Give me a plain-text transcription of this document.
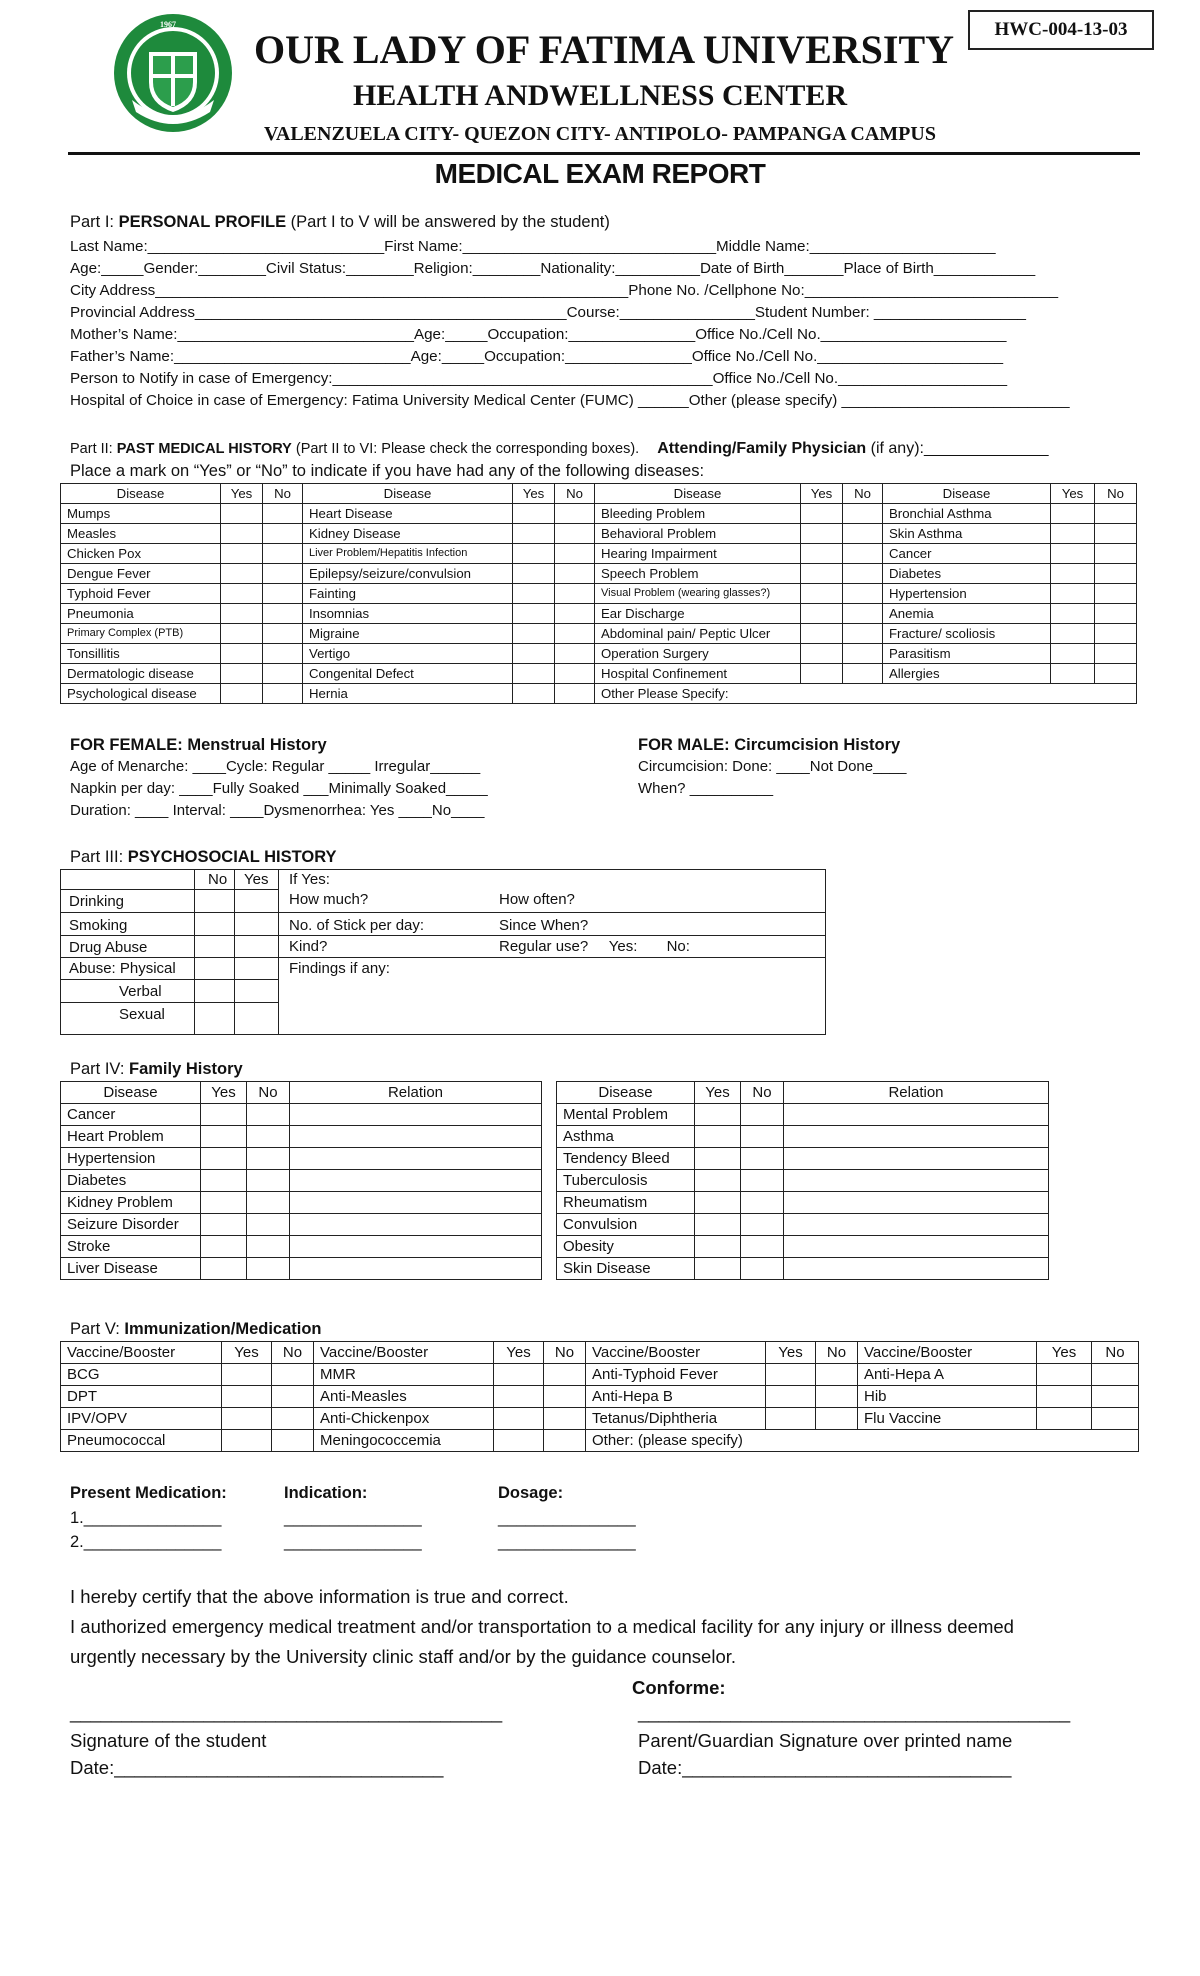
1967
OUR LADY OF FATIMA UNIVERSITY	HWC-004-13-03
HEALTH ANDWELLNESS CENTER
VALENZUELA CITY- QUEZON CITY- ANTIPOLO- PAMPANGA CAMPUS
MEDICAL EXAM REPORT
Part I: PERSONAL PROFILE (Part I to V will be answered by the student)
Last Name:____________________________First Name:______________________________Middle Name:______________________
Age:_____Gender:________Civil Status:________Religion:________Nationality:__________Date of Birth_______Place of Birth____________
City Address________________________________________________________Phone No. /Cellphone No:______________________________
Provincial Address____________________________________________Course:________________Student Number: __________________
Mother’s Name:____________________________Age:_____Occupation:_______________Office No./Cell No.______________________
Father’s Name:____________________________Age:_____Occupation:_______________Office No./Cell No.______________________
Person to Notify in case of Emergency:_____________________________________________Office No./Cell No.____________________
Hospital of Choice in case of Emergency: Fatima University Medical Center (FUMC) ______Other (please specify) ___________________________
Part II: PAST MEDICAL HISTORY (Part II to VI: Please check the corresponding boxes). Attending/Family Physician (if any):______________
Place a mark on “Yes” or “No” to indicate if you have had any of the following diseases:
Disease	Yes	No	Disease	Yes	No	Disease	Yes	No	Disease	Yes	No
Mumps			Heart Disease			Bleeding Problem			Bronchial Asthma		
Measles			Kidney Disease			Behavioral Problem			Skin Asthma		
Chicken Pox			Liver Problem/Hepatitis Infection			Hearing Impairment			Cancer		
Dengue Fever			Epilepsy/seizure/convulsion			Speech Problem			Diabetes		
Typhoid Fever			Fainting			Visual Problem (wearing glasses?)			Hypertension		
Pneumonia			Insomnias			Ear Discharge			Anemia		
Primary Complex (PTB)			Migraine			Abdominal pain/ Peptic Ulcer			Fracture/ scoliosis		
Tonsillitis			Vertigo			Operation Surgery			Parasitism		
Dermatologic disease			Congenital Defect			Hospital Confinement			Allergies		
Psychological disease			Hernia			Other Please Specify:					
FOR FEMALE: Menstrual History
Age of Menarche: ____Cycle: Regular _____ Irregular______
Napkin per day: ____Fully Soaked ___Minimally Soaked_____
Duration: ____ Interval: ____Dysmenorrhea: Yes ____No____
FOR MALE: Circumcision History
Circumcision: Done: ____Not Done____
When? __________
Part III: PSYCHOSOCIAL HISTORY
No Yes If Yes:
Drinking	How much?	How often?
Smoking	No. of Stick per day:	Since When?
Drug Abuse	Kind?	Regular use?     Yes:       No:
Abuse: Physical	Findings if any:
Verbal
Sexual
Part IV: Family History
Disease	Yes	No	Relation
Cancer			
Heart Problem			
Hypertension			
Diabetes			
Kidney Problem			
Seizure Disorder			
Stroke			
Liver Disease			
Disease	Yes	No	Relation
Mental Problem			
Asthma			
Tendency Bleed			
Tuberculosis			
Rheumatism			
Convulsion			
Obesity			
Skin Disease			
Part V: Immunization/Medication
Vaccine/Booster	Yes	No	Vaccine/Booster	Yes	No	Vaccine/Booster	Yes	No	Vaccine/Booster	Yes	No
BCG			MMR			Anti-Typhoid Fever			Anti-Hepa A		
DPT			Anti-Measles			Anti-Hepa B			Hib		
IPV/OPV			Anti-Chickenpox			Tetanus/Diphtheria			Flu Vaccine		
Pneumococcal			Meningococcemia			Other: (please specify)					
Present Medication:	Indication:	Dosage:
1._______________	_______________	_______________
2._______________	_______________	_______________
I hereby certify that the above information is true and correct.
I authorized emergency medical treatment and/or transportation to a medical facility for any injury or illness deemed
urgently necessary by the University clinic staff and/or by the guidance counselor.
Conforme:
__________________________________________
Signature of the student
Date:________________________________
__________________________________________
Parent/Guardian Signature over printed name
Date:________________________________
